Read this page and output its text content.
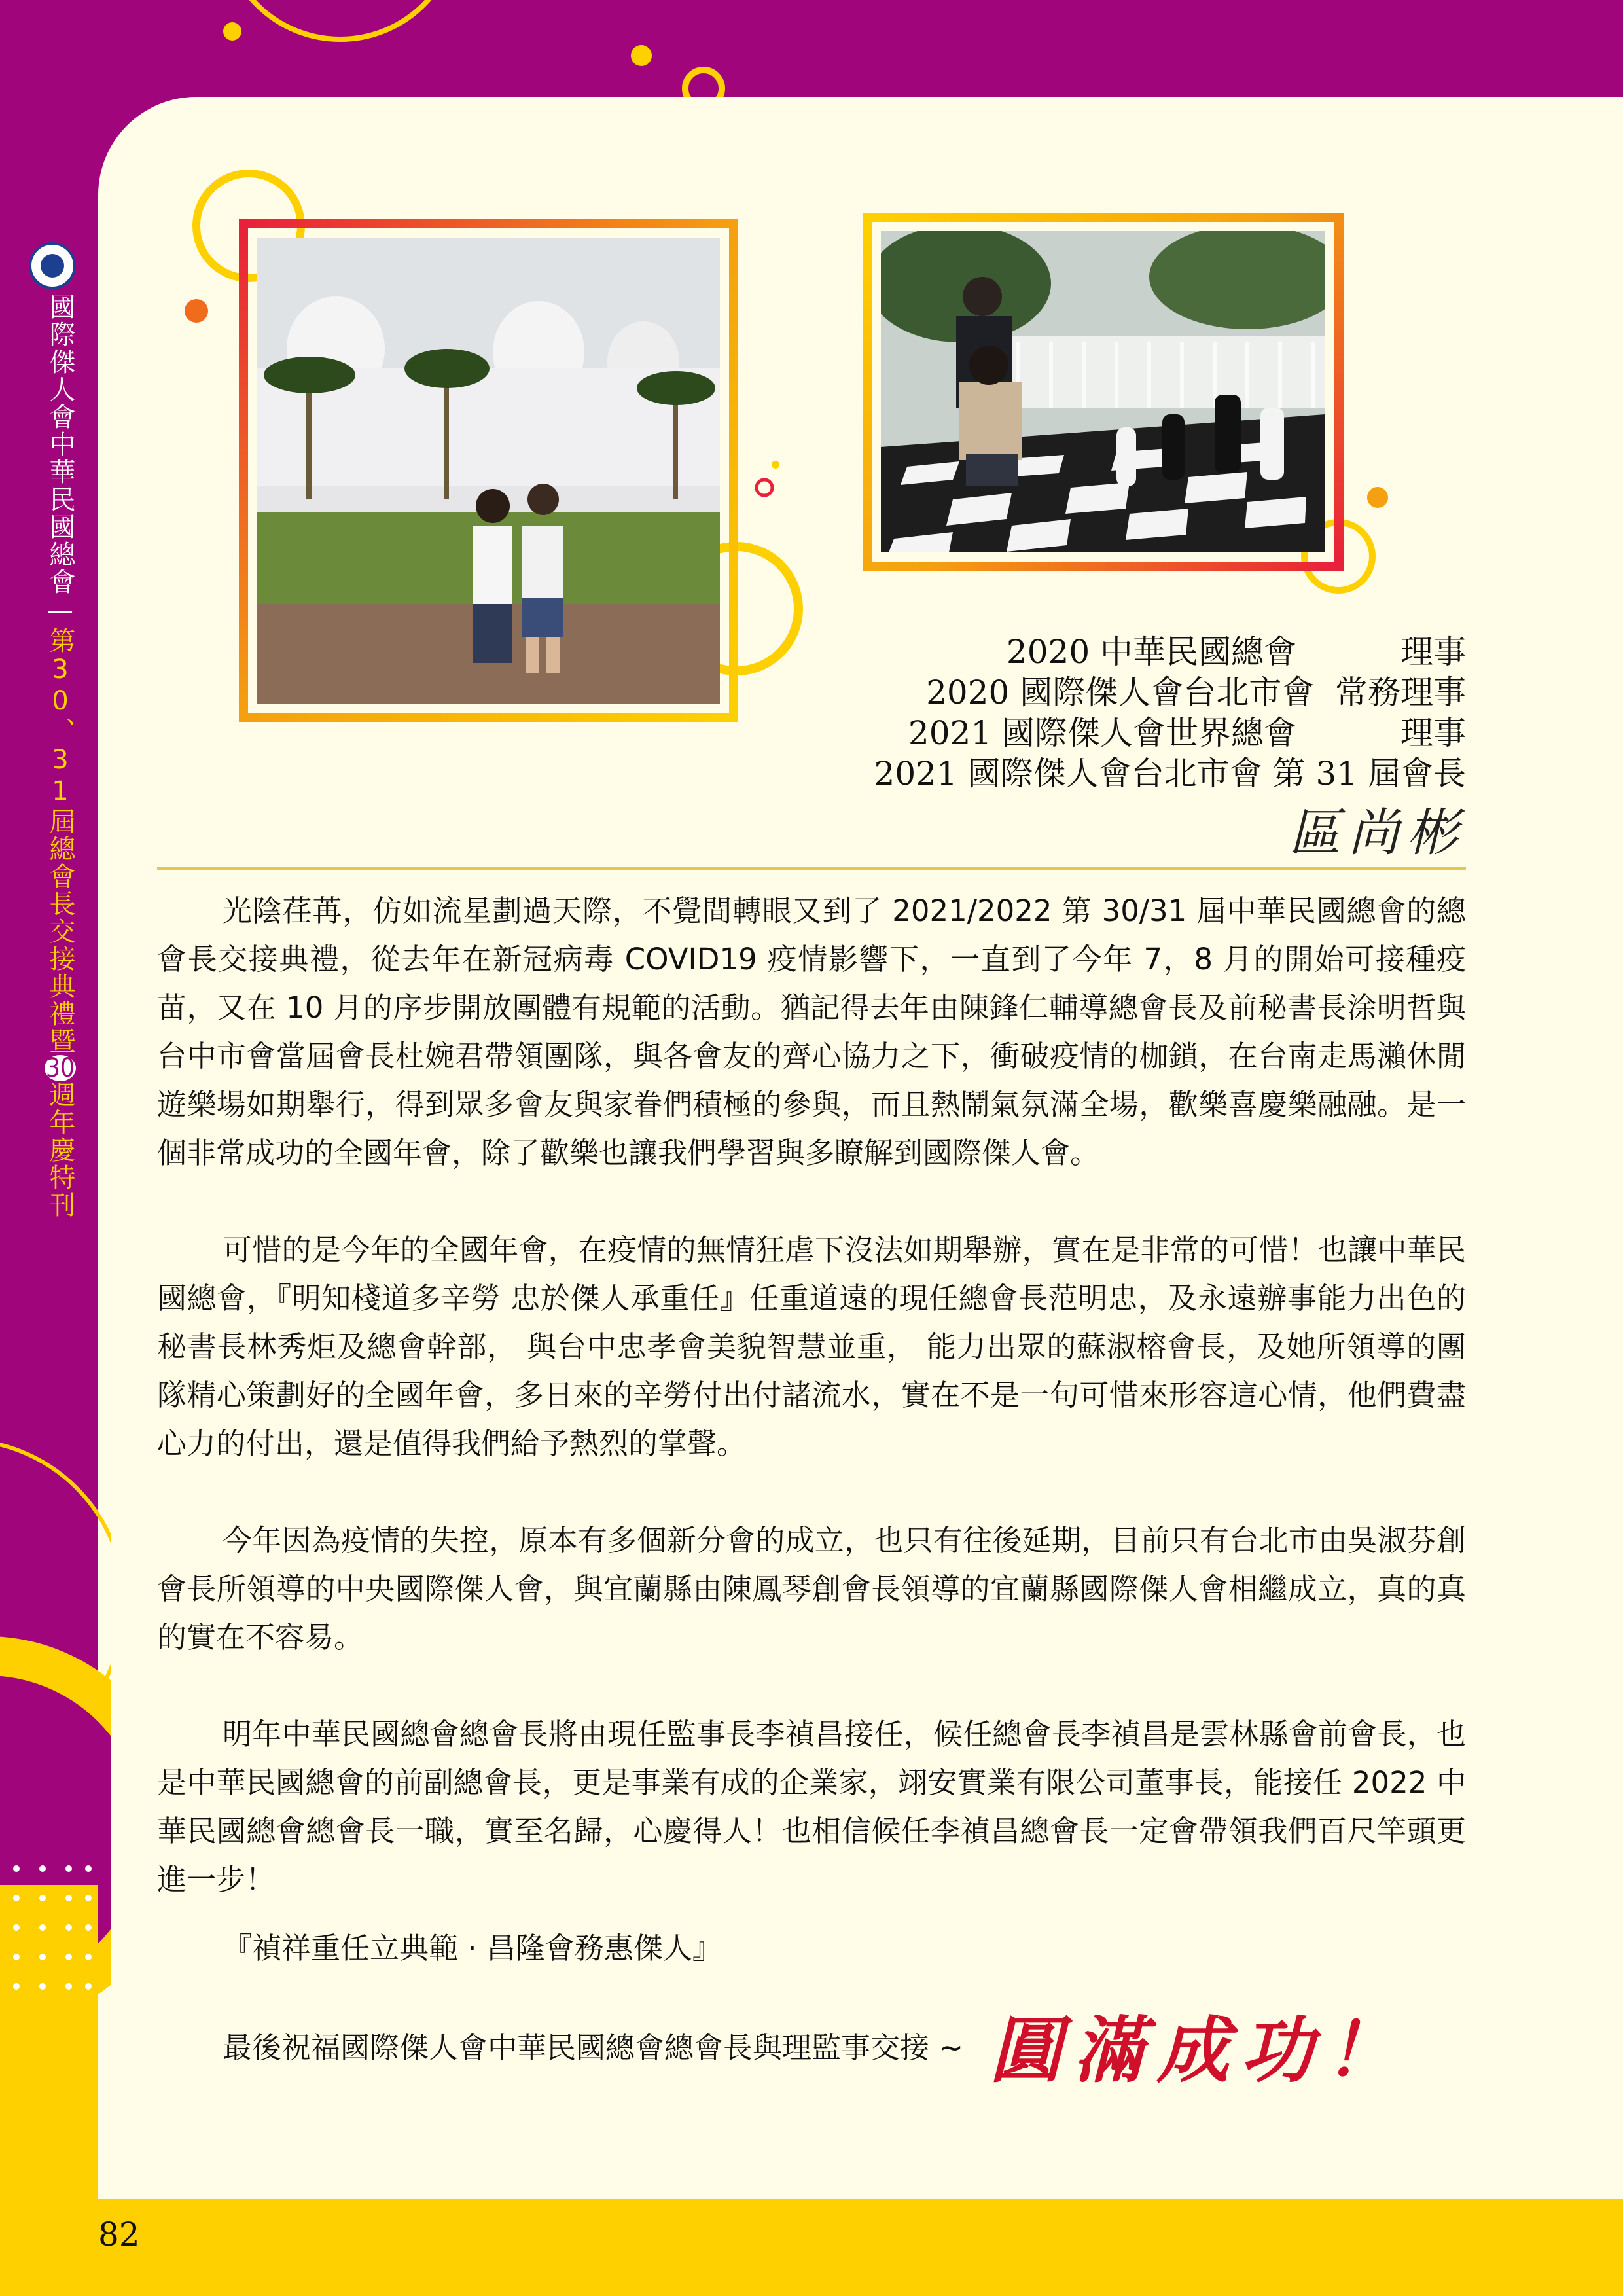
國際傑人會中華民國總會—第30、31屆總會長交接典禮暨30週年慶特刊
2020 中華民國總會          理事
2020 國際傑人會台北市會  常務理事
2021 國際傑人會世界總會          理事
2021 國際傑人會台北市會 第 31 屆會長
區尚彬

光陰荏苒，仿如流星劃過天際，不覺間轉眼又到了 2021/2022 第 30/31 屆中華民國總會的總會長交接典禮，從去年在新冠病毒 COVID19 疫情影響下，一直到了今年 7，8 月的開始可接種疫苗，又在 10 月的序步開放團體有規範的活動。猶記得去年由陳鋒仁輔導總會長及前秘書長涂明哲與台中市會當屆會長杜婉君帶領團隊，與各會友的齊心協力之下，衝破疫情的枷鎖，在台南走馬瀨休閒遊樂場如期舉行，得到眾多會友與家眷們積極的參與，而且熱鬧氣氛滿全場，歡樂喜慶樂融融。是一個非常成功的全國年會，除了歡樂也讓我們學習與多瞭解到國際傑人會。

可惜的是今年的全國年會，在疫情的無情狂虐下沒法如期舉辦，實在是非常的可惜！也讓中華民國總會，『明知棧道多辛勞 忠於傑人承重任』任重道遠的現任總會長范明忠，及永遠辦事能力出色的秘書長林秀炬及總會幹部， 與台中忠孝會美貌智慧並重， 能力出眾的蘇淑榕會長，及她所領導的團隊精心策劃好的全國年會，多日來的辛勞付出付諸流水，實在不是一句可惜來形容這心情，他們費盡心力的付出，還是值得我們給予熱烈的掌聲。

今年因為疫情的失控，原本有多個新分會的成立，也只有往後延期，目前只有台北市由吳淑芬創會長所領導的中央國際傑人會，與宜蘭縣由陳鳳琴創會長領導的宜蘭縣國際傑人會相繼成立，真的真的實在不容易。

明年中華民國總會總會長將由現任監事長李禎昌接任，候任總會長李禎昌是雲林縣會前會長，也是中華民國總會的前副總會長，更是事業有成的企業家，翊安實業有限公司董事長，能接任 2022 中華民國總會總會長一職，實至名歸，心慶得人！也相信候任李禎昌總會長一定會帶領我們百尺竿頭更進一步！

『禎祥重任立典範 · 昌隆會務惠傑人』
最後祝福國際傑人會中華民國總會總會長與理監事交接 ~ 圓滿成功！
82
